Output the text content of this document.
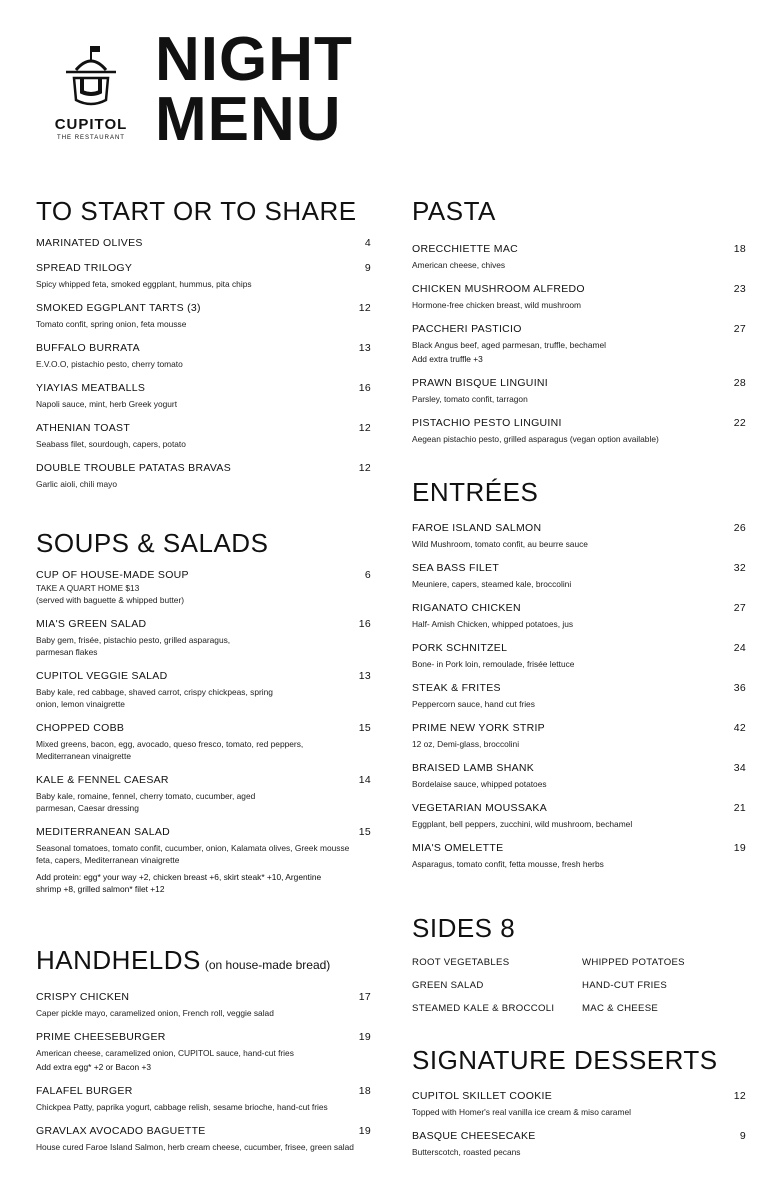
CUPITOL
THE RESTAURANT
NIGHT
MENU
TO START OR TO SHARE
MARINATED OLIVES	4
SPREAD TRILOGY	9
Spicy whipped feta, smoked eggplant, hummus, pita chips
SMOKED EGGPLANT TARTS (3)	12
Tomato confit, spring onion, feta mousse
BUFFALO BURRATA	13
E.V.O.O, pistachio pesto, cherry tomato
YIAYIAS MEATBALLS	16
Napoli sauce, mint, herb Greek yogurt
ATHENIAN TOAST	12
Seabass filet, sourdough, capers, potato
DOUBLE TROUBLE PATATAS BRAVAS	12
Garlic aioli, chili mayo
SOUPS & SALADS
CUP OF HOUSE-MADE SOUP	6
TAKE A QUART HOME $13
(served with baguette & whipped butter)
MIA'S GREEN SALAD	16
Baby gem, frisée, pistachio pesto, grilled asparagus, parmesan flakes
CUPITOL VEGGIE SALAD	13
Baby kale, red cabbage, shaved carrot, crispy chickpeas, spring onion, lemon vinaigrette
CHOPPED COBB	15
Mixed greens, bacon, egg, avocado, queso fresco, tomato, red peppers, Mediterranean vinaigrette
KALE & FENNEL CAESAR	14
Baby kale, romaine, fennel, cherry tomato, cucumber, aged parmesan, Caesar dressing
MEDITERRANEAN SALAD	15
Seasonal tomatoes, tomato confit, cucumber, onion, Kalamata olives, Greek mousse feta, capers, Mediterranean vinaigrette
Add protein: egg* your way +2, chicken breast +6, skirt steak* +10, Argentine shrimp +8, grilled salmon* filet +12
HANDHELDS (on house-made bread)
CRISPY CHICKEN	17
Caper pickle mayo, caramelized onion, French roll, veggie salad
PRIME CHEESEBURGER	19
American cheese, caramelized onion, CUPITOL sauce, hand-cut fries
Add extra egg* +2 or Bacon +3
FALAFEL BURGER	18
Chickpea Patty, paprika yogurt, cabbage relish, sesame brioche, hand-cut fries
GRAVLAX AVOCADO BAGUETTE	19
House cured Faroe Island Salmon, herb cream cheese, cucumber, frisee, green salad
PASTA
ORECCHIETTE MAC	18
American cheese, chives
CHICKEN MUSHROOM ALFREDO	23
Hormone-free chicken breast, wild mushroom
PACCHERI PASTICIO	27
Black Angus beef, aged parmesan, truffle, bechamel
Add extra truffle +3
PRAWN BISQUE LINGUINI	28
Parsley, tomato confit, tarragon
PISTACHIO PESTO LINGUINI	22
Aegean pistachio pesto, grilled asparagus (vegan option available)
ENTRÉES
FAROE ISLAND SALMON	26
Wild Mushroom, tomato confit, au beurre sauce
SEA BASS FILET	32
Meuniere, capers, steamed kale, broccolini
RIGANATO CHICKEN	27
Half- Amish Chicken, whipped potatoes, jus
PORK SCHNITZEL	24
Bone- in Pork loin, remoulade, frisée lettuce
STEAK & FRITES	36
Peppercorn sauce, hand cut fries
PRIME NEW YORK STRIP	42
12 oz, Demi-glass, broccolini
BRAISED LAMB SHANK	34
Bordelaise sauce, whipped potatoes
VEGETARIAN MOUSSAKA	21
Eggplant, bell peppers, zucchini, wild mushroom, bechamel
MIA'S OMELETTE	19
Asparagus, tomato confit, fetta mousse, fresh herbs
SIDES 8
ROOT VEGETABLES	WHIPPED POTATOES
GREEN SALAD	HAND-CUT FRIES
STEAMED KALE & BROCCOLI	MAC & CHEESE
SIGNATURE DESSERTS
CUPITOL SKILLET COOKIE	12
Topped with Homer's real vanilla ice cream & miso caramel
BASQUE CHEESECAKE	9
Butterscotch, roasted pecans
